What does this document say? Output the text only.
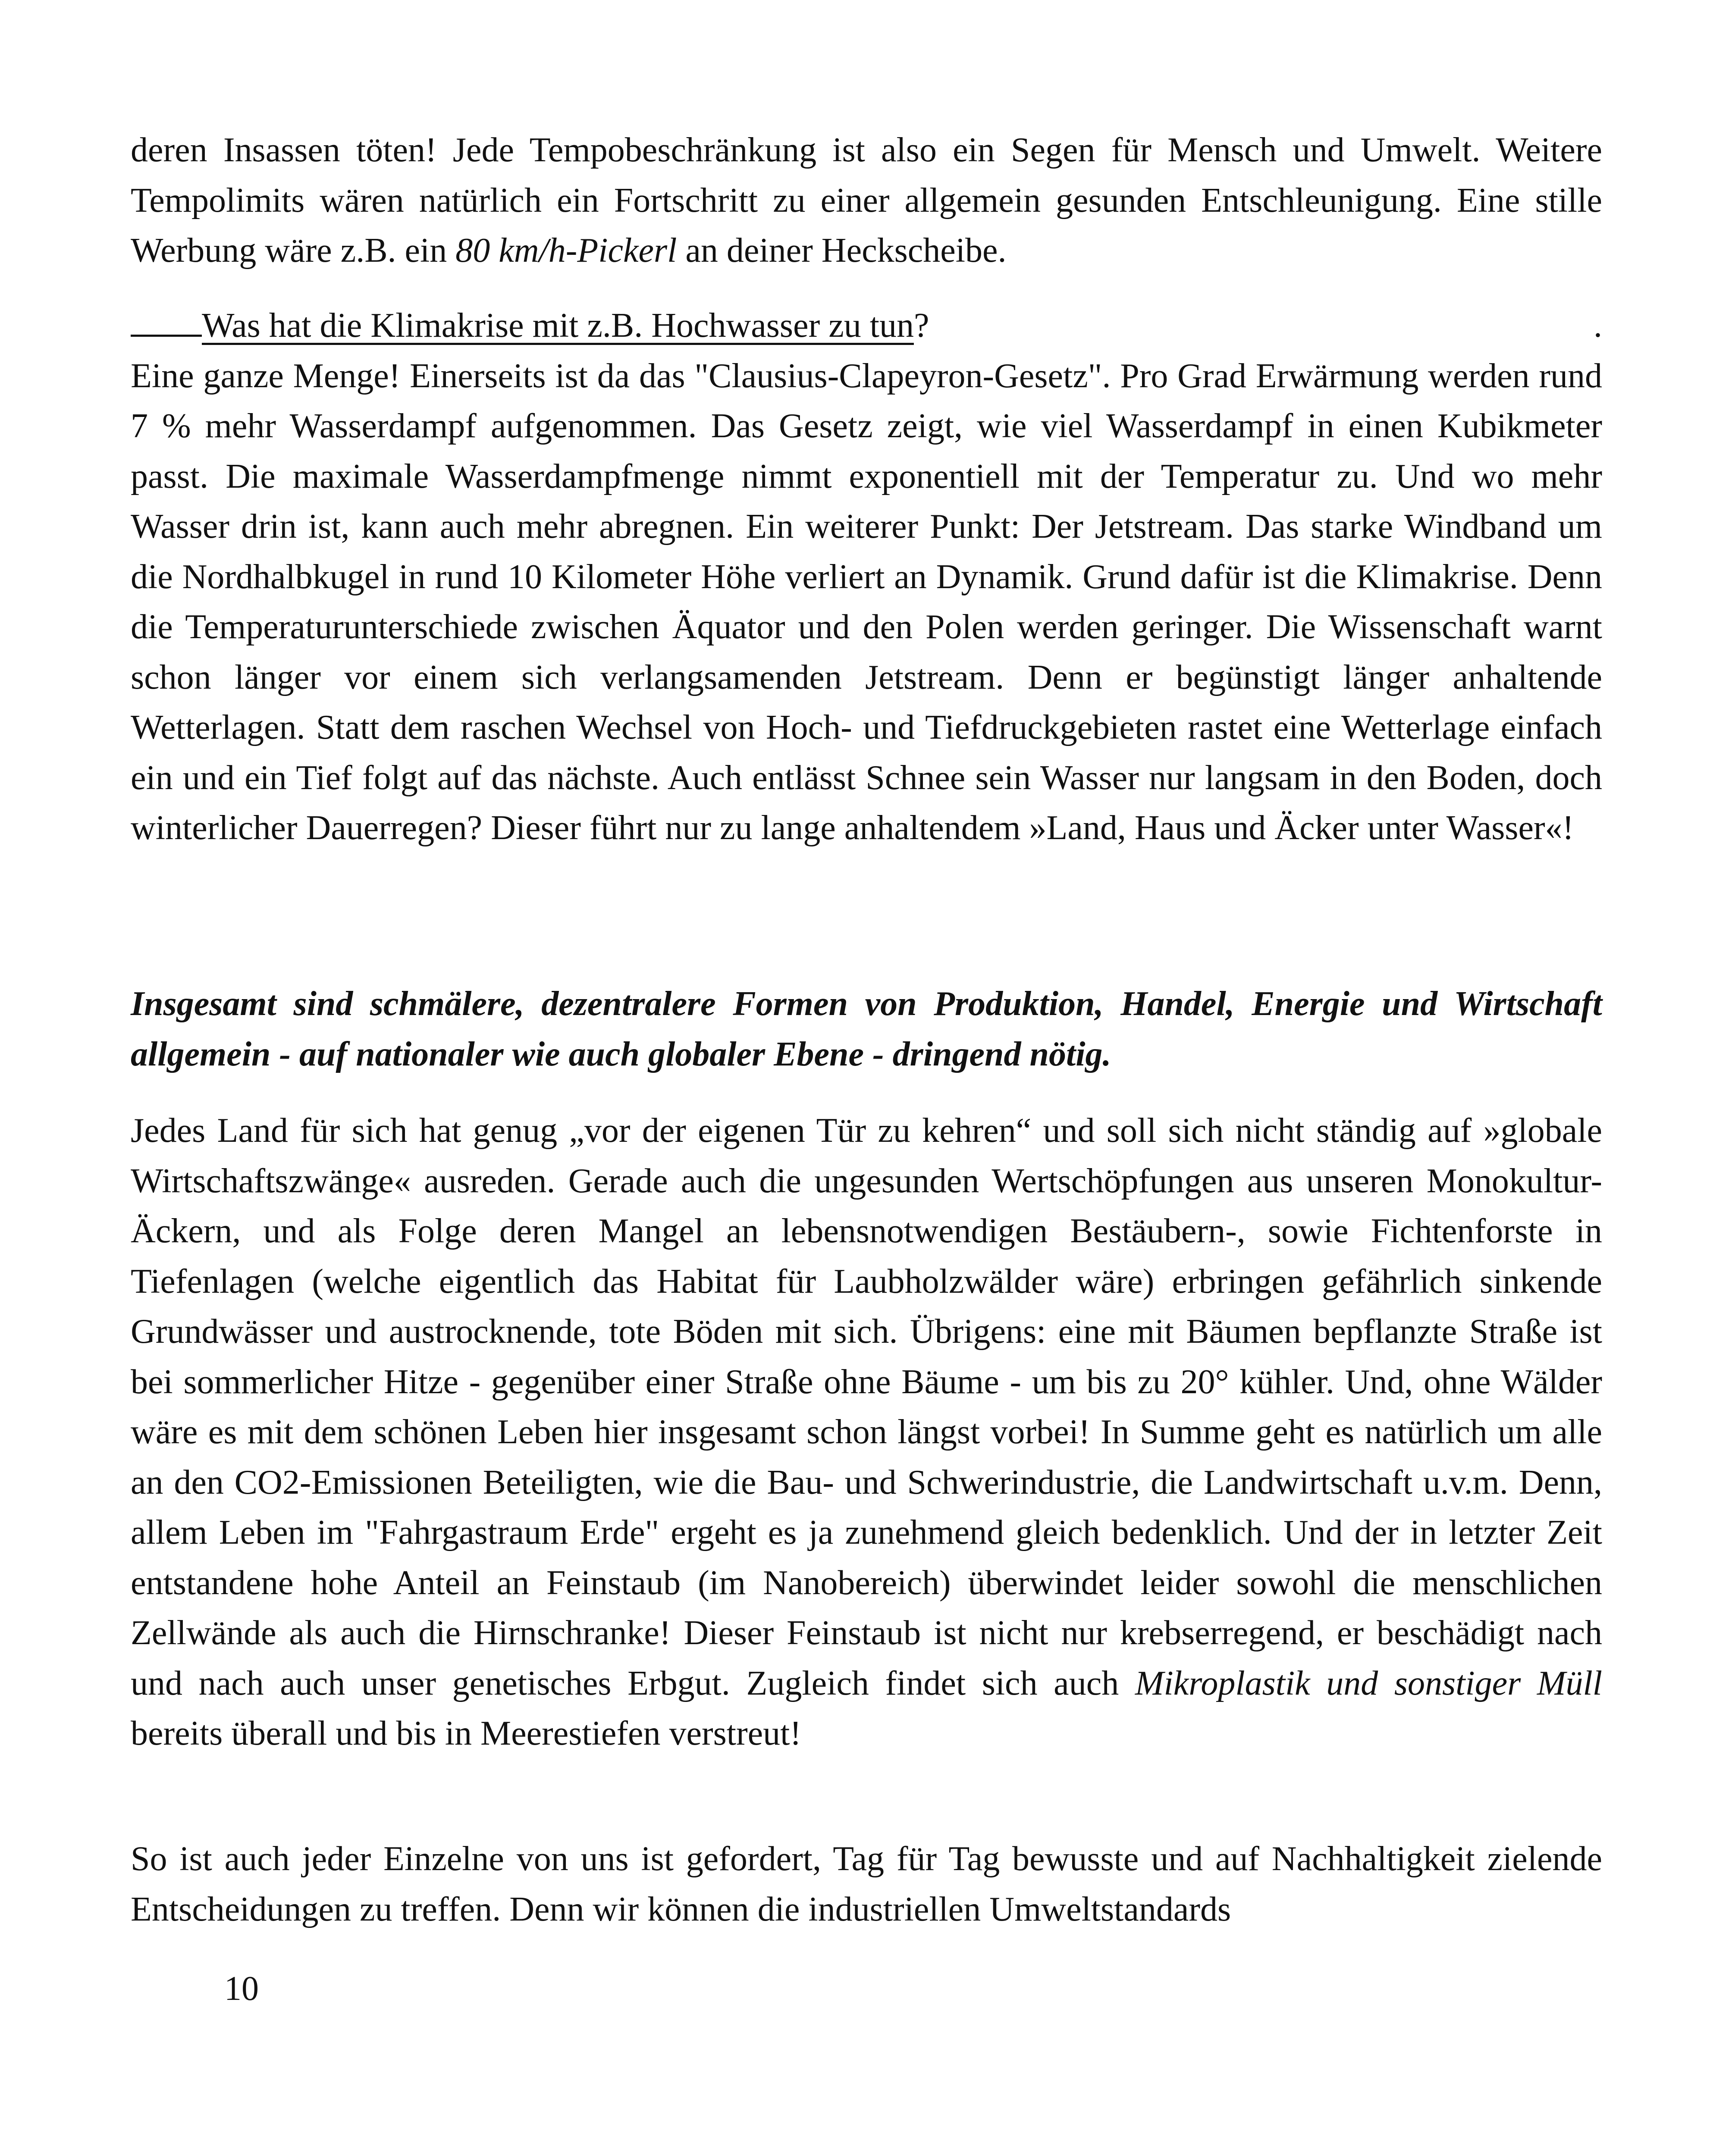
deren Insassen töten! Jede Tempobeschränkung ist also ein Segen für Mensch und Umwelt. Weitere Tempolimits wären natürlich ein Fortschritt zu einer allgemein gesunden Entschleunigung. Eine stille Werbung wäre z.B. ein 80 km/h-Pickerl an deiner Heckscheibe.

Was hat die Klimakrise mit z.B. Hochwasser zu tun?	.

Eine ganze Menge! Einerseits ist da das "Clausius-Clapeyron-Gesetz". Pro Grad Erwärmung werden rund 7 % mehr Wasserdampf aufgenommen. Das Gesetz zeigt, wie viel Wasserdampf in einen Kubikmeter passt. Die maximale Wasserdampfmenge nimmt exponentiell mit der Temperatur zu. Und wo mehr Wasser drin ist, kann auch mehr abregnen. Ein weiterer Punkt: Der Jetstream. Das starke Windband um die Nordhalbkugel in rund 10 Kilometer Höhe verliert an Dynamik. Grund dafür ist die Klimakrise. Denn die Temperaturunterschiede zwischen Äquator und den Polen werden geringer. Die Wissenschaft warnt schon länger vor einem sich verlangsamenden Jetstream. Denn er begünstigt länger anhaltende Wetterlagen. Statt dem raschen Wechsel von Hoch- und Tiefdruckgebieten rastet eine Wetterlage einfach ein und ein Tief folgt auf das nächste. Auch entlässt Schnee sein Wasser nur langsam in den Boden, doch winterlicher Dauerregen? Dieser führt nur zu lange anhaltendem »Land, Haus und Äcker unter Wasser«!

Insgesamt sind schmälere, dezentralere Formen von Produktion, Handel, Energie und Wirtschaft allgemein - auf nationaler wie auch globaler Ebene - dringend nötig.

Jedes Land für sich hat genug „vor der eigenen Tür zu kehren“ und soll sich nicht ständig auf »globale Wirtschaftszwänge« ausreden. Gerade auch die ungesunden Wertschöpfungen aus unseren Monokultur-Äckern, und als Folge deren Mangel an lebensnotwendigen Bestäubern-, sowie Fichtenforste in Tiefenlagen (welche eigentlich das Habitat für Laubholzwälder wäre) erbringen gefährlich sinkende Grundwässer und austrocknende, tote Böden mit sich. Übrigens: eine mit Bäumen bepflanzte Straße ist bei sommerlicher Hitze - gegenüber einer Straße ohne Bäume - um bis zu 20° kühler. Und, ohne Wälder wäre es mit dem schönen Leben hier insgesamt schon längst vorbei! In Summe geht es natürlich um alle an den CO2-Emissionen Beteiligten, wie die Bau- und Schwerindustrie, die Landwirtschaft u.v.m. Denn, allem Leben im "Fahrgastraum Erde" ergeht es ja zunehmend gleich bedenklich. Und der in letzter Zeit entstandene hohe Anteil an Feinstaub (im Nanobereich) überwindet leider sowohl die menschlichen Zellwände als auch die Hirnschranke! Dieser Feinstaub ist nicht nur krebserregend, er beschädigt nach und nach auch unser genetisches Erbgut. Zugleich findet sich auch Mikroplastik und sonstiger Müll bereits überall und bis in Meerestiefen verstreut!

So ist auch jeder Einzelne von uns ist gefordert, Tag für Tag bewusste und auf Nachhaltigkeit zielende Entscheidungen zu treffen. Denn wir können die industriellen Umweltstandards

10
